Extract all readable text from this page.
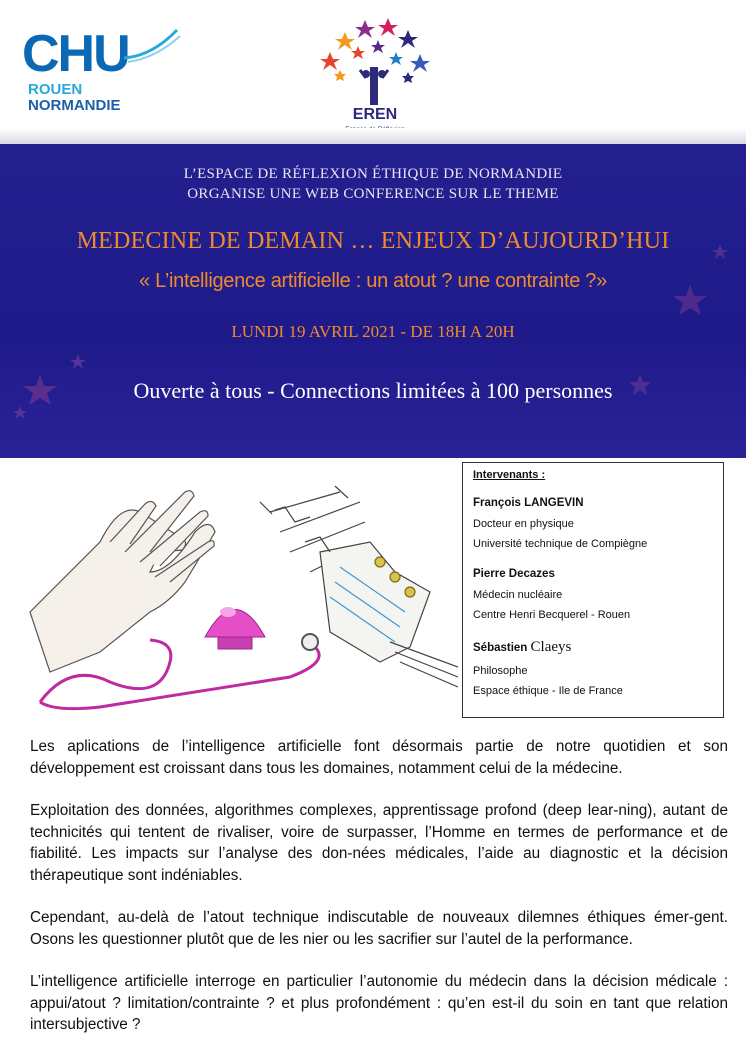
CHU
ROUEN NORMANDIE
EREN
L’ESPACE DE RÉFLEXION ÉTHIQUE DE NORMANDIE
ORGANISE UNE WEB CONFERENCE SUR LE THEME
MEDECINE DE DEMAIN … ENJEUX D’AUJOURD’HUI
« L’intelligence artificielle : un atout ? une contrainte ?»
LUNDI 19 AVRIL 2021 - DE 18H A 20H
Ouverte à tous - Connections limitées à 100 personnes
Intervenants :
François LANGEVIN
Docteur en physique
Université technique de Compiègne
Pierre Decazes
Médecin nucléaire
Centre Henri Becquerel - Rouen
Sébastien Claeys
Philosophe
Espace éthique - Ile de France

Les aplications de l’intelligence artificielle font désormais partie de notre quotidien et son développement est croissant dans tous les domaines, notamment celui de la médecine.

Exploitation des données, algorithmes complexes, apprentissage profond (deep lear-ning), autant de technicités qui tentent de rivaliser, voire de surpasser, l’Homme en termes de performance et de fiabilité. Les impacts sur l’analyse des don-nées médicales, l’aide au diagnostic et la décision thérapeutique sont indéniables.

Cependant, au-delà de l’atout technique indiscutable de nouveaux dilemnes éthiques émer-gent. Osons les questionner plutôt que de les nier ou les sacrifier sur l’autel de la performance.

L’intelligence artificielle interroge en particulier l’autonomie du médecin dans la décision médicale : appui/atout ? limitation/contrainte ? et plus profondément : qu’en est-il du soin en tant que relation intersubjective ?
